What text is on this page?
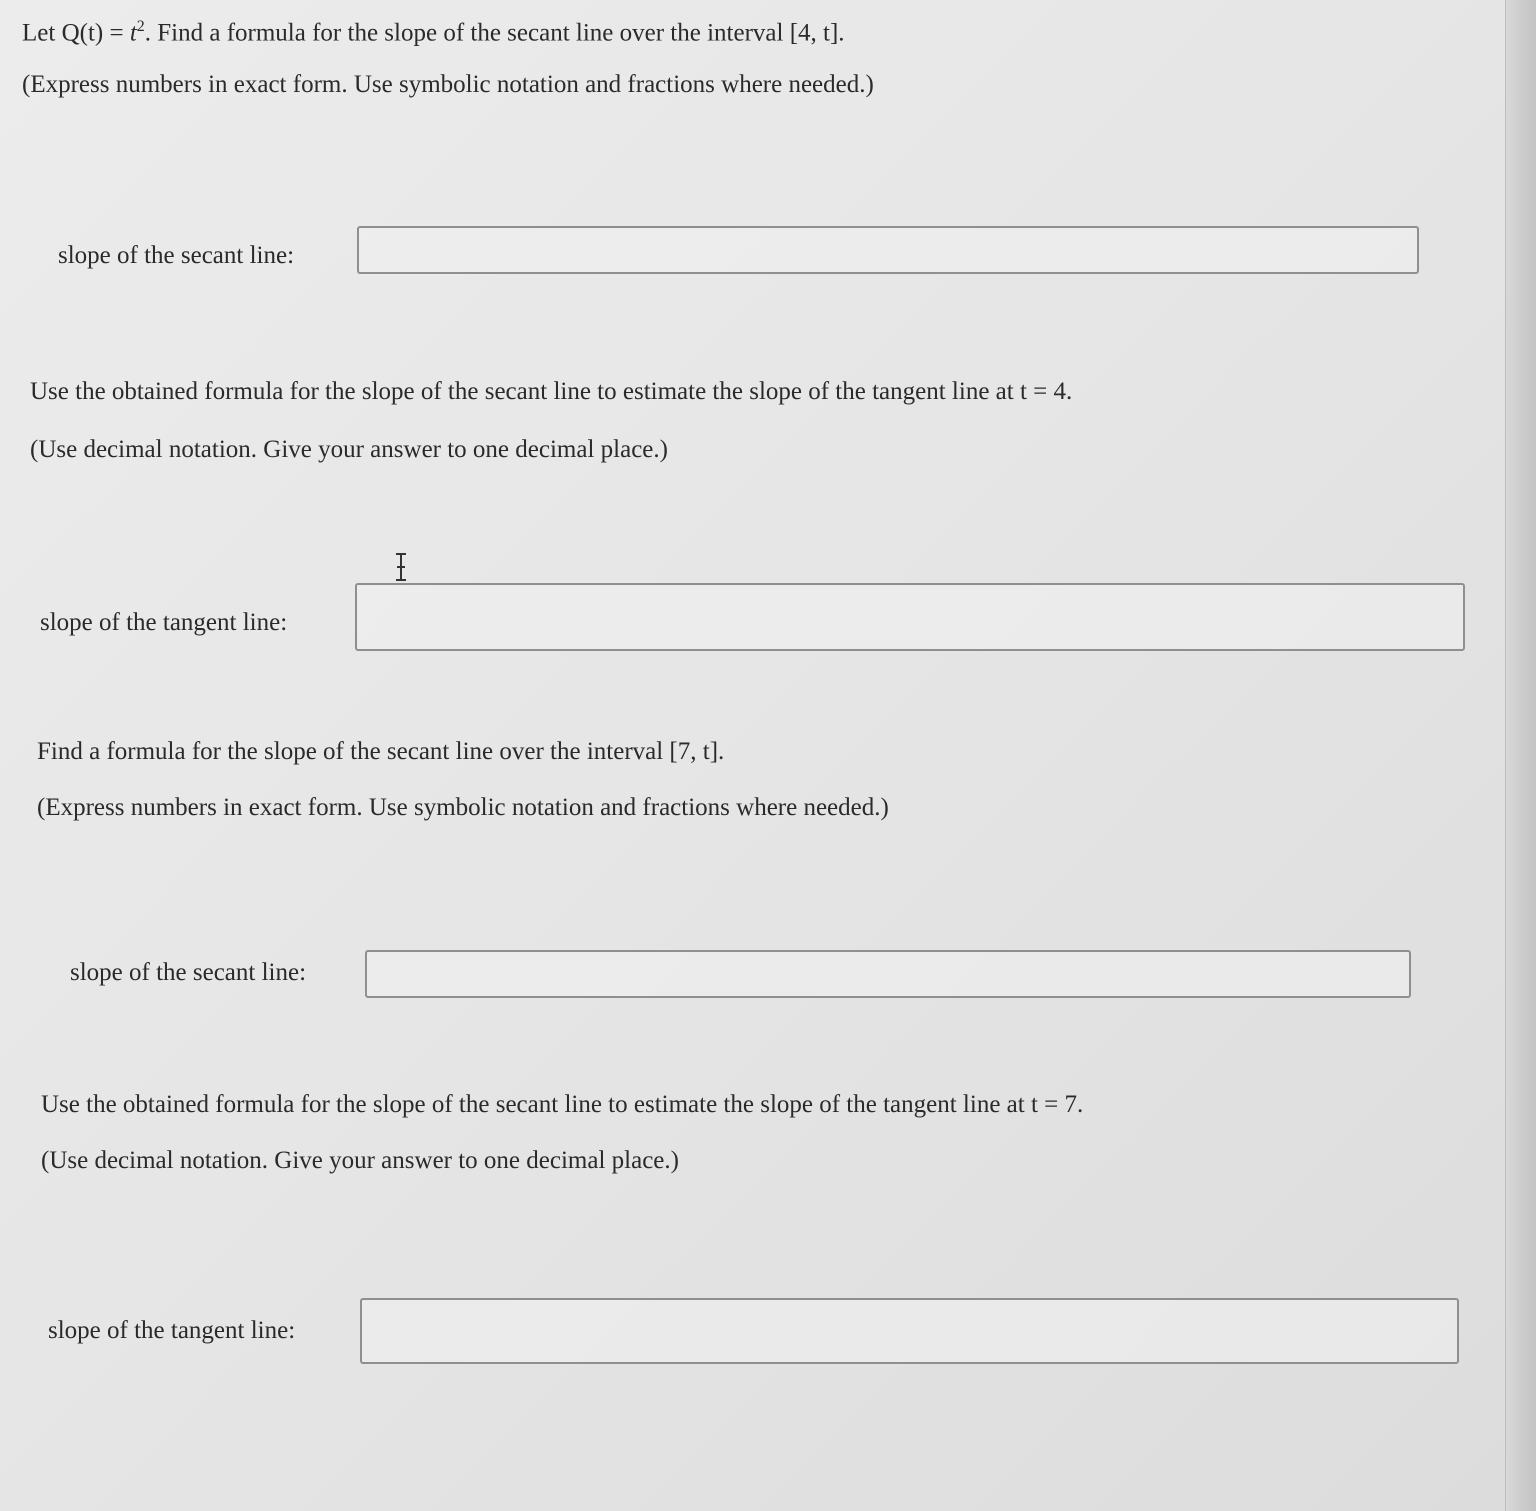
Let $Q(t) = t^2$. Find a formula for the slope of the secant line over the interval [4, t].
(Express numbers in exact form. Use symbolic notation and fractions where needed.)
slope of the secant line:
Use the obtained formula for the slope of the secant line to estimate the slope of the tangent line at t = 4.
(Use decimal notation. Give your answer to one decimal place.)
slope of the tangent line:
Find a formula for the slope of the secant line over the interval [7, t].
(Express numbers in exact form. Use symbolic notation and fractions where needed.)
slope of the secant line:
Use the obtained formula for the slope of the secant line to estimate the slope of the tangent line at t = 7.
(Use decimal notation. Give your answer to one decimal place.)
slope of the tangent line:
